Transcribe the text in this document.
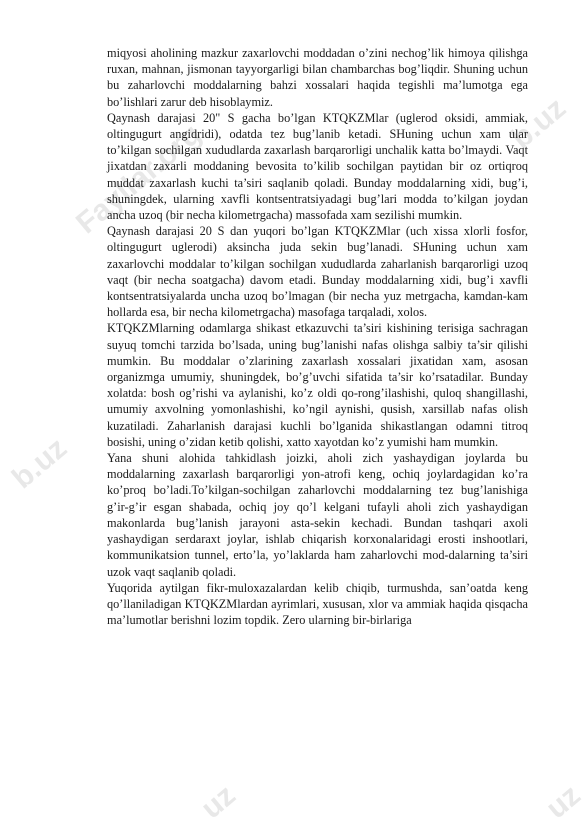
Fayllar.org	b.uz
b.uz
uz	uz

miqyosi aholining mazkur zaxarlovchi moddadan o’zini nechog’lik himoya qilishga ruxan, mahnan, jismonan tayyorgarligi bilan chambarchas bog’liqdir. Shuning uchun bu zaharlovchi moddalarning bahzi xossalari haqida tegishli ma’lumotga ega bo’lishlari zarur deb hisoblaymiz.

Qaynash darajasi 20" S gacha bo’lgan KTQKZMlar (uglerod oksidi, ammiak, oltingugurt angidridi), odatda tez bug’lanib ketadi. SHuning uchun xam ular to’kilgan sochilgan xududlarda zaxarlash barqarorligi unchalik katta bo’lmaydi. Vaqt jixatdan zaxarli moddaning bevosita to’kilib sochilgan paytidan bir oz ortiqroq muddat zaxarlash kuchi ta’siri saqlanib qoladi. Bunday moddalarning xidi, bug’i, shuningdek, ularning xavfli kontsentratsiyadagi bug’lari modda to’kilgan joydan ancha uzoq (bir necha kilometrgacha) massofada xam sezilishi mumkin.

Qaynash darajasi 20 S dan yuqori bo’lgan KTQKZMlar (uch xissa xlorli fosfor, oltingugurt uglerodi) aksincha juda sekin bug’lanadi. SHuning uchun xam zaxarlovchi moddalar to’kilgan sochilgan xududlarda zaharlanish barqarorligi uzoq vaqt (bir necha soatgacha) davom etadi. Bunday moddalarning xidi, bug’i xavfli kontsentratsiyalarda uncha uzoq bo’lmagan (bir necha yuz metrgacha, kamdan-kam hollarda esa, bir necha kilometrgacha) masofaga tarqaladi, xolos.

KTQKZMlarning odamlarga shikast etkazuvchi ta’siri kishining terisiga sachragan suyuq tomchi tarzida bo’lsada, uning bug’lanishi nafas olishga salbiy ta’sir qilishi mumkin. Bu moddalar o’zlarining zaxarlash xossalari jixatidan xam, asosan organizmga umumiy, shuningdek, bo’g’uvchi sifatida ta’sir ko’rsatadilar. Bunday xolatda: bosh og’rishi va aylanishi, ko’z oldi qo-rong’ilashishi, quloq shangillashi, umumiy axvolning yomonlashishi, ko’ngil aynishi, qusish, xarsillab nafas olish kuzatiladi. Zaharlanish darajasi kuchli bo’lganida shikastlangan odamni titroq bosishi, uning o’zidan ketib qolishi, xatto xayotdan ko’z yumishi ham mumkin.

Yana shuni alohida tahkidlash joizki, aholi zich yashaydigan joylarda bu moddalarning zaxarlash barqarorligi yon-atrofi keng, ochiq joylardagidan ko’ra ko’proq bo’ladi.To’kilgan-sochilgan zaharlovchi moddalarning tez bug’lanishiga g’ir-g’ir esgan shabada, ochiq joy qo’l kelgani tufayli aholi zich yashaydigan makonlarda bug’lanish jarayoni asta-sekin kechadi. Bundan tashqari axoli yashaydigan serdaraxt joylar, ishlab chiqarish korxonalaridagi erosti inshootlari, kommunikatsion tunnel, erto’la, yo’laklarda ham zaharlovchi mod-dalarning ta’siri uzok vaqt saqlanib qoladi.

Yuqorida aytilgan fikr-muloxazalardan kelib chiqib, turmushda, san’oatda keng qo’llaniladigan KTQKZMlardan ayrimlari, xususan, xlor va ammiak haqida qisqacha ma’lumotlar berishni lozim topdik. Zero ularning bir-birlariga
